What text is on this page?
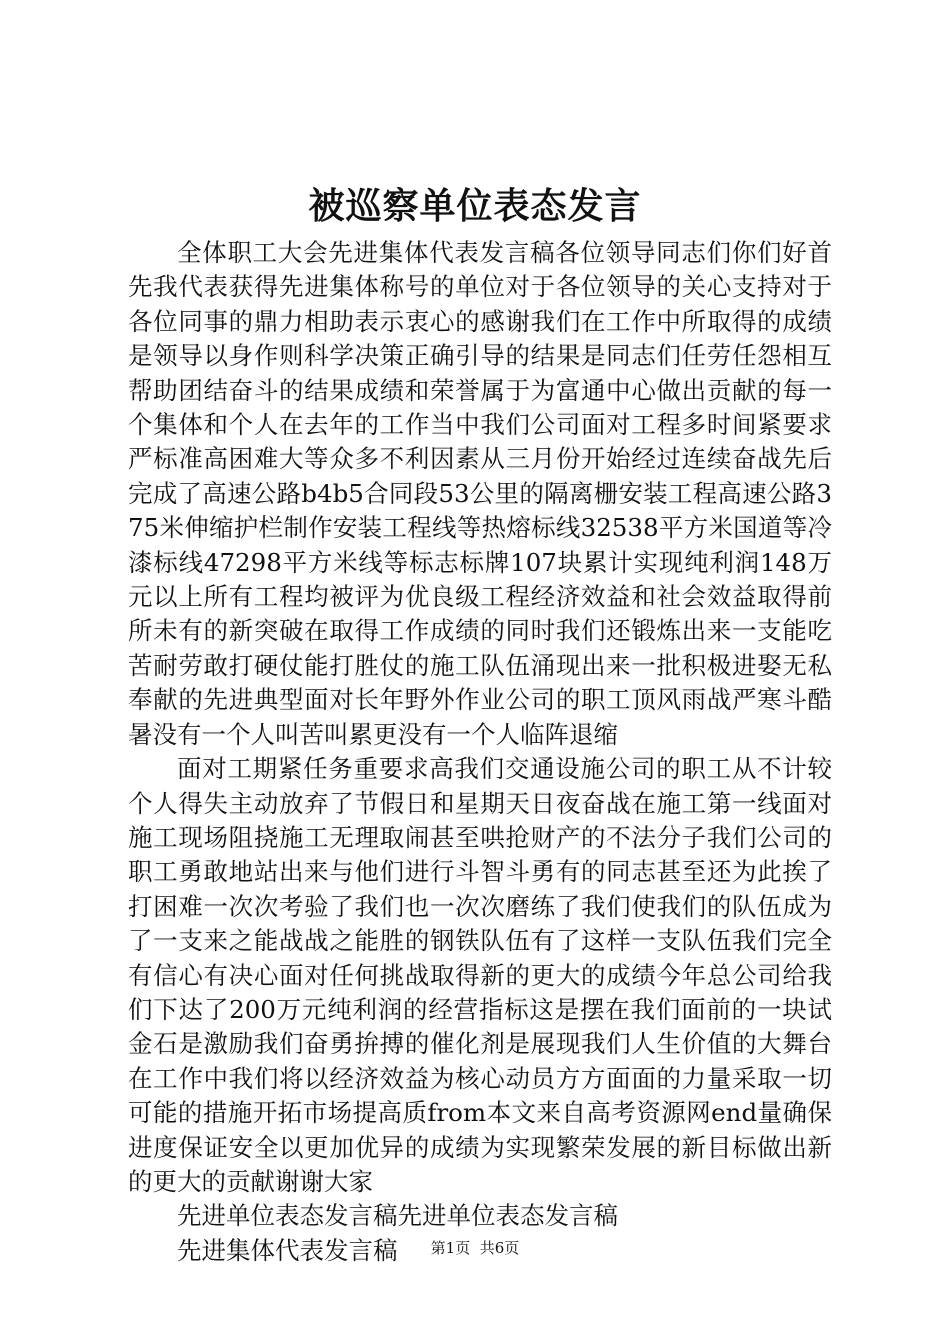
被巡察单位表态发言

全体职工大会先进集体代表发言稿各位领导同志们你们好首先我代表获得先进集体称号的单位对于各位领导的关心支持对于各位同事的鼎力相助表示衷心的感谢我们在工作中所取得的成绩是领导以身作则科学决策正确引导的结果是同志们任劳任怨相互帮助团结奋斗的结果成绩和荣誉属于为富通中心做出贡献的每一个集体和个人在去年的工作当中我们公司面对工程多时间紧要求严标准高困难大等众多不利因素从三月份开始经过连续奋战先后完成了高速公路b4b5合同段53公里的隔离栅安装工程高速公路375米伸缩护栏制作安装工程线等热熔标线32538平方米国道等冷漆标线47298平方米线等标志标牌107块累计实现纯利润148万元以上所有工程均被评为优良级工程经济效益和社会效益取得前所未有的新突破在取得工作成绩的同时我们还锻炼出来一支能吃苦耐劳敢打硬仗能打胜仗的施工队伍涌现出来一批积极进娶无私奉献的先进典型面对长年野外作业公司的职工顶风雨战严寒斗酷暑没有一个人叫苦叫累更没有一个人临阵退缩

面对工期紧任务重要求高我们交通设施公司的职工从不计较个人得失主动放弃了节假日和星期天日夜奋战在施工第一线面对施工现场阻挠施工无理取闹甚至哄抢财产的不法分子我们公司的职工勇敢地站出来与他们进行斗智斗勇有的同志甚至还为此挨了打困难一次次考验了我们也一次次磨练了我们使我们的队伍成为了一支来之能战战之能胜的钢铁队伍有了这样一支队伍我们完全有信心有决心面对任何挑战取得新的更大的成绩今年总公司给我们下达了200万元纯利润的经营指标这是摆在我们面前的一块试金石是激励我们奋勇拚搏的催化剂是展现我们人生价值的大舞台在工作中我们将以经济效益为核心动员方方面面的力量采取一切可能的措施开拓市场提高质from本文来自高考资源网end量确保进度保证安全以更加优异的成绩为实现繁荣发展的新目标做出新的更大的贡献谢谢大家

先进单位表态发言稿先进单位表态发言稿

先进集体代表发言稿	第1页 共6页
